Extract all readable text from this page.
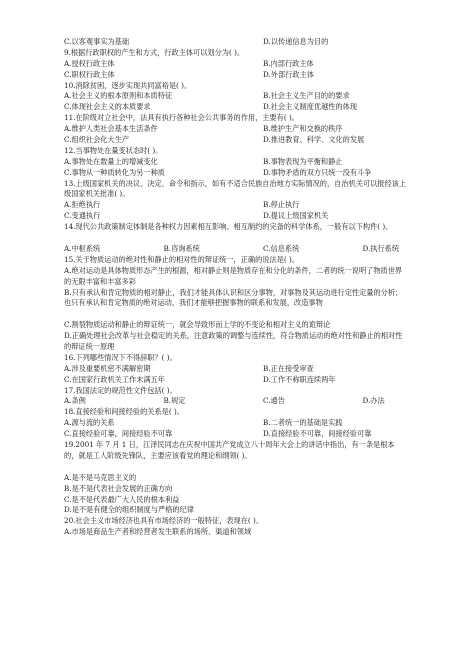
C.以客观事实为基础	D.以传递信息为目的
9.根据行政职权的产生和方式，行政主体可以划分为( )。
A.授权行政主体	B.内部行政主体
C.职权行政主体	D.外部行政主体
10.消除贫困，逐步实现共同富裕是( )。
A.社会主义的根本原则和本质特征	B.社会主义生产目的的要求
C.体现社会主义的本质要求	D.社会主义制度优越性的体现
11.在阶级对立社会中，法具有执行各种社会公共事务的作用，主要有( )。
A.维护人类社会基本生活条件	B.维护生产和交换的秩序
C.组织社会化大生产	D.推进教育、科学、文化的发展
12.当事物处在量变状态时( )。
A.事物处在数量上的增减变化	B.事物表现为平衡和静止
C.事物从一种质转化为另一种质	D.事物矛盾的双方只统一没有斗争
13.上级国家机关的决议、决定、命令和指示，如有不适合民族自治地方实际情况的，自治机关可以报经该上级国家机关批准( )。
A.拒绝执行	B.停止执行
C.变通执行	D.提议上级国家机关
14.现代公共政策制定体制是各种权力因素相互影响、相互制约的完备的科学体系，一般有以下构件( )。
A.中枢系统	B.咨询系统	C.信息系统	D.执行系统
15.关于物质运动的绝对性和静止的相对性的辩证统一，正确的说法是( )。
A.绝对运动是具体物质形态产生的根源，相对静止则是物质存在和分化的条件，二者的统一说明了物质世界的无限丰富和丰富多彩
B.只有承认和肯定物质的相对静止，我们才能具体认识和区分事物，对事物及其运动进行定性定量的分析；也只有承认和肯定物质的绝对运动，我们才能够把握事物的联系和发展，改造事物
C.割裂物质运动和静止的辩证统一，就会导致形而上学的不变论和相对主义的诡辩论
D.正确处理社会改革与社会稳定的关系，注意政策的调整与连续性，符合物质运动的绝对性和静止的相对性的辩证统一原理
16.下列哪些情况下不得辞职？( )。
A.涉及重要机密不满解密期	B.正在接受审查
C.在国家行政机关工作未满五年	D.工作不称职连续两年
17.我国法定的规范性文件包括( )。
A.条例	B.规定	C.通告	D.办法
18.直接经验和间接经验的关系是( )。
A.源与流的关系	B.二者统一的基础是实践
C.直接经验可靠，间接经验不可靠	D.直接经验不可靠，间接经验可靠
19.2001 年 7 月 1 日，江泽民同志在庆祝中国共产党成立八十周年大会上的讲话中指出，有一条是根本的，就是工人阶级先锋队，主要应该看党的理论和纲领( )。
A.是不是马克思主义的
B.是不是代表社会发展的正确方向
C.是不是代表最广大人民的根本利益
D.是不是有健全的组织制度与严格的纪律
20.社会主义市场经济也具有市场经济的一般特征，表现在( )。
A.市场是商品生产者和经营者发生联系的场所、渠道和领域
